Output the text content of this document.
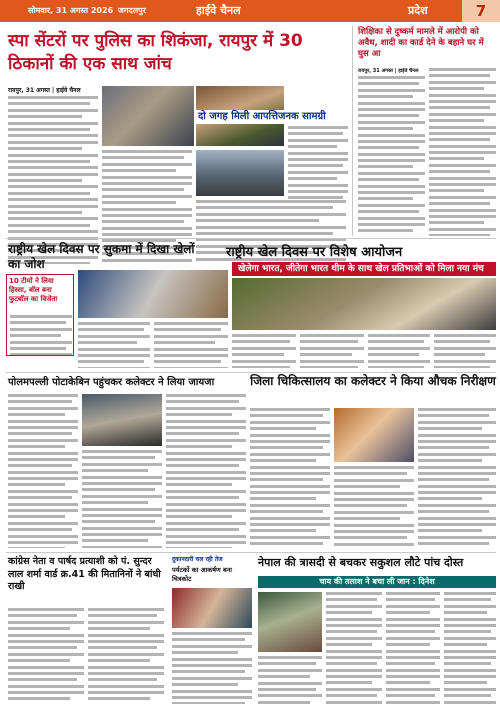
सोमवार, 31 अगस्त 2026 जगदलपुर	हाईवे चैनल	प्रदेश	7
स्पा सेंटरों पर पुलिस का शिकंजा, रायपुर में 30 ठिकानों की एक साथ जांच
रायपुर, 31 अगस्त | हाईवे चैनल
दो जगह मिली आपत्तिजनक सामग्री
शिक्षिका से दुष्कर्म मामले में आरोपी को अवैध, शादी का कार्ड देने के बहाने घर में घुस आ
रायपुर, 31 अगस्त | हाईवे चैनल
राष्ट्रीय खेल दिवस पर सुकमा में दिखा खेलों का जोश
राष्ट्रीय खेल दिवस पर विशेष आयोजन
10 टीमों ने लिया हिस्सा, बॉल बना फुटबॉल का विजेता
खेलेगा भारत, जीतेगा भारत थीम के साथ खेल प्रतिभाओं को मिला नया मंच
जिला चिकित्सालय का कलेक्टर ने किया औचक निरीक्षण
पोलमपल्ली पोटाकेबिन पहुंचकर कलेक्टर ने लिया जायजा
कांग्रेस नेता व पार्षद प्रत्याशी को पं. सुन्दर लाल शर्मा वार्ड क्र.41 की मितानिनों ने बांधी राखी
दुकानदारी चल रही तेज
पर्यटकों का आकर्षण बना चित्रकोट
नेपाल की त्रासदी से बचकर सकुशल लौटे पांच दोस्त
चाय की तलाश ने बचा ली जान : दिनेश
